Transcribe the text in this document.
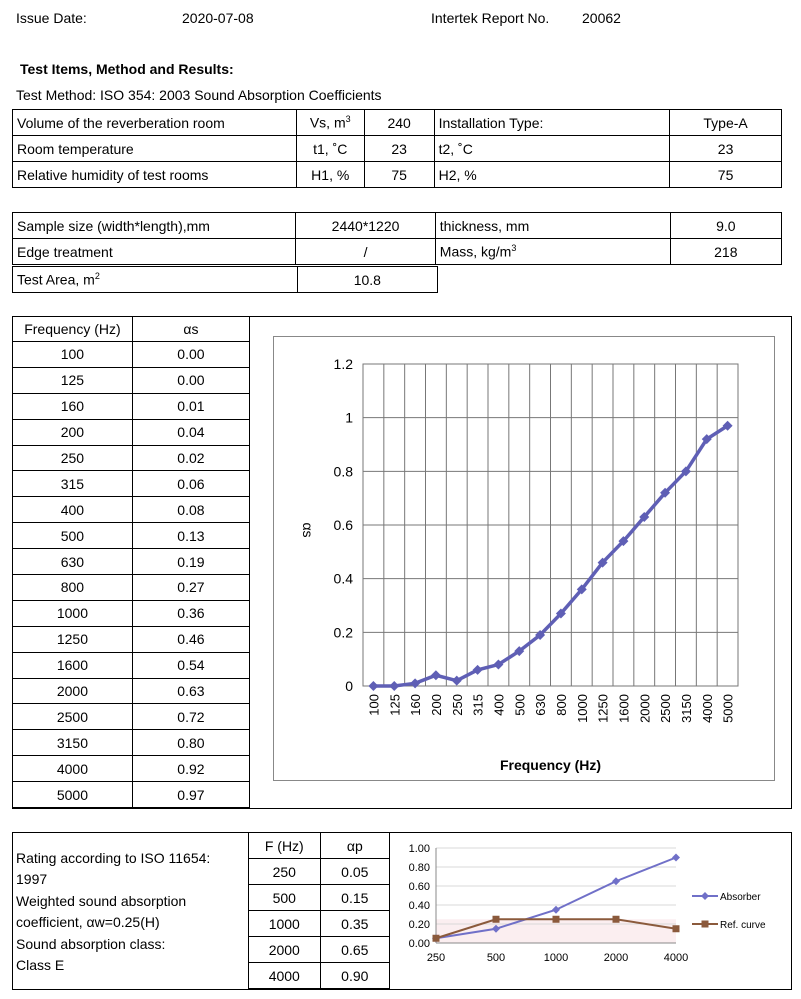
Issue Date:	2020-07-08	Intertek Report No. 20062
Test Items, Method and Results:
Test Method: ISO 354: 2003 Sound Absorption Coefficients
Volume of the reverberation room	Vs, $m^3$	240	Installation Type:	Type-A
Room temperature	t1, ˚C	23	t2, ˚C	23
Relative humidity of test rooms	H1, %	75	H2, %	75
Sample size (width*length),mm	2440*1220	thickness, mm	9.0
Edge treatment	/	Mass, $kg/m^3$	218
Test Area, $m^2$	10.8
Frequency (Hz)	αs
100	0.00
125	0.00
160	0.01
200	0.04
250	0.02
315	0.06
400	0.08
500	0.13
630	0.19
800	0.27
1000	0.36
1250	0.46
1600	0.54
2000	0.63
2500	0.72
3150	0.80
4000	0.92
5000	0.97
0
0.2
0.4
0.6
0.8
1
1.2
100 125 160 200 250 315 400 500 630 800 1000 1250 1600 2000 2500 3150 4000 5000
Frequency (Hz)
αs
Rating according to ISO 11654:
1997
Weighted sound absorption
coefficient, αw=0.25(H)
Sound absorption class:
Class E
F (Hz)	αp
250	0.05
500	0.15
1000	0.35
2000	0.65
4000	0.90
0.00
0.20
0.40
0.60
0.80
1.00
250	500	1000	2000	4000
Absorber
Ref. curve
